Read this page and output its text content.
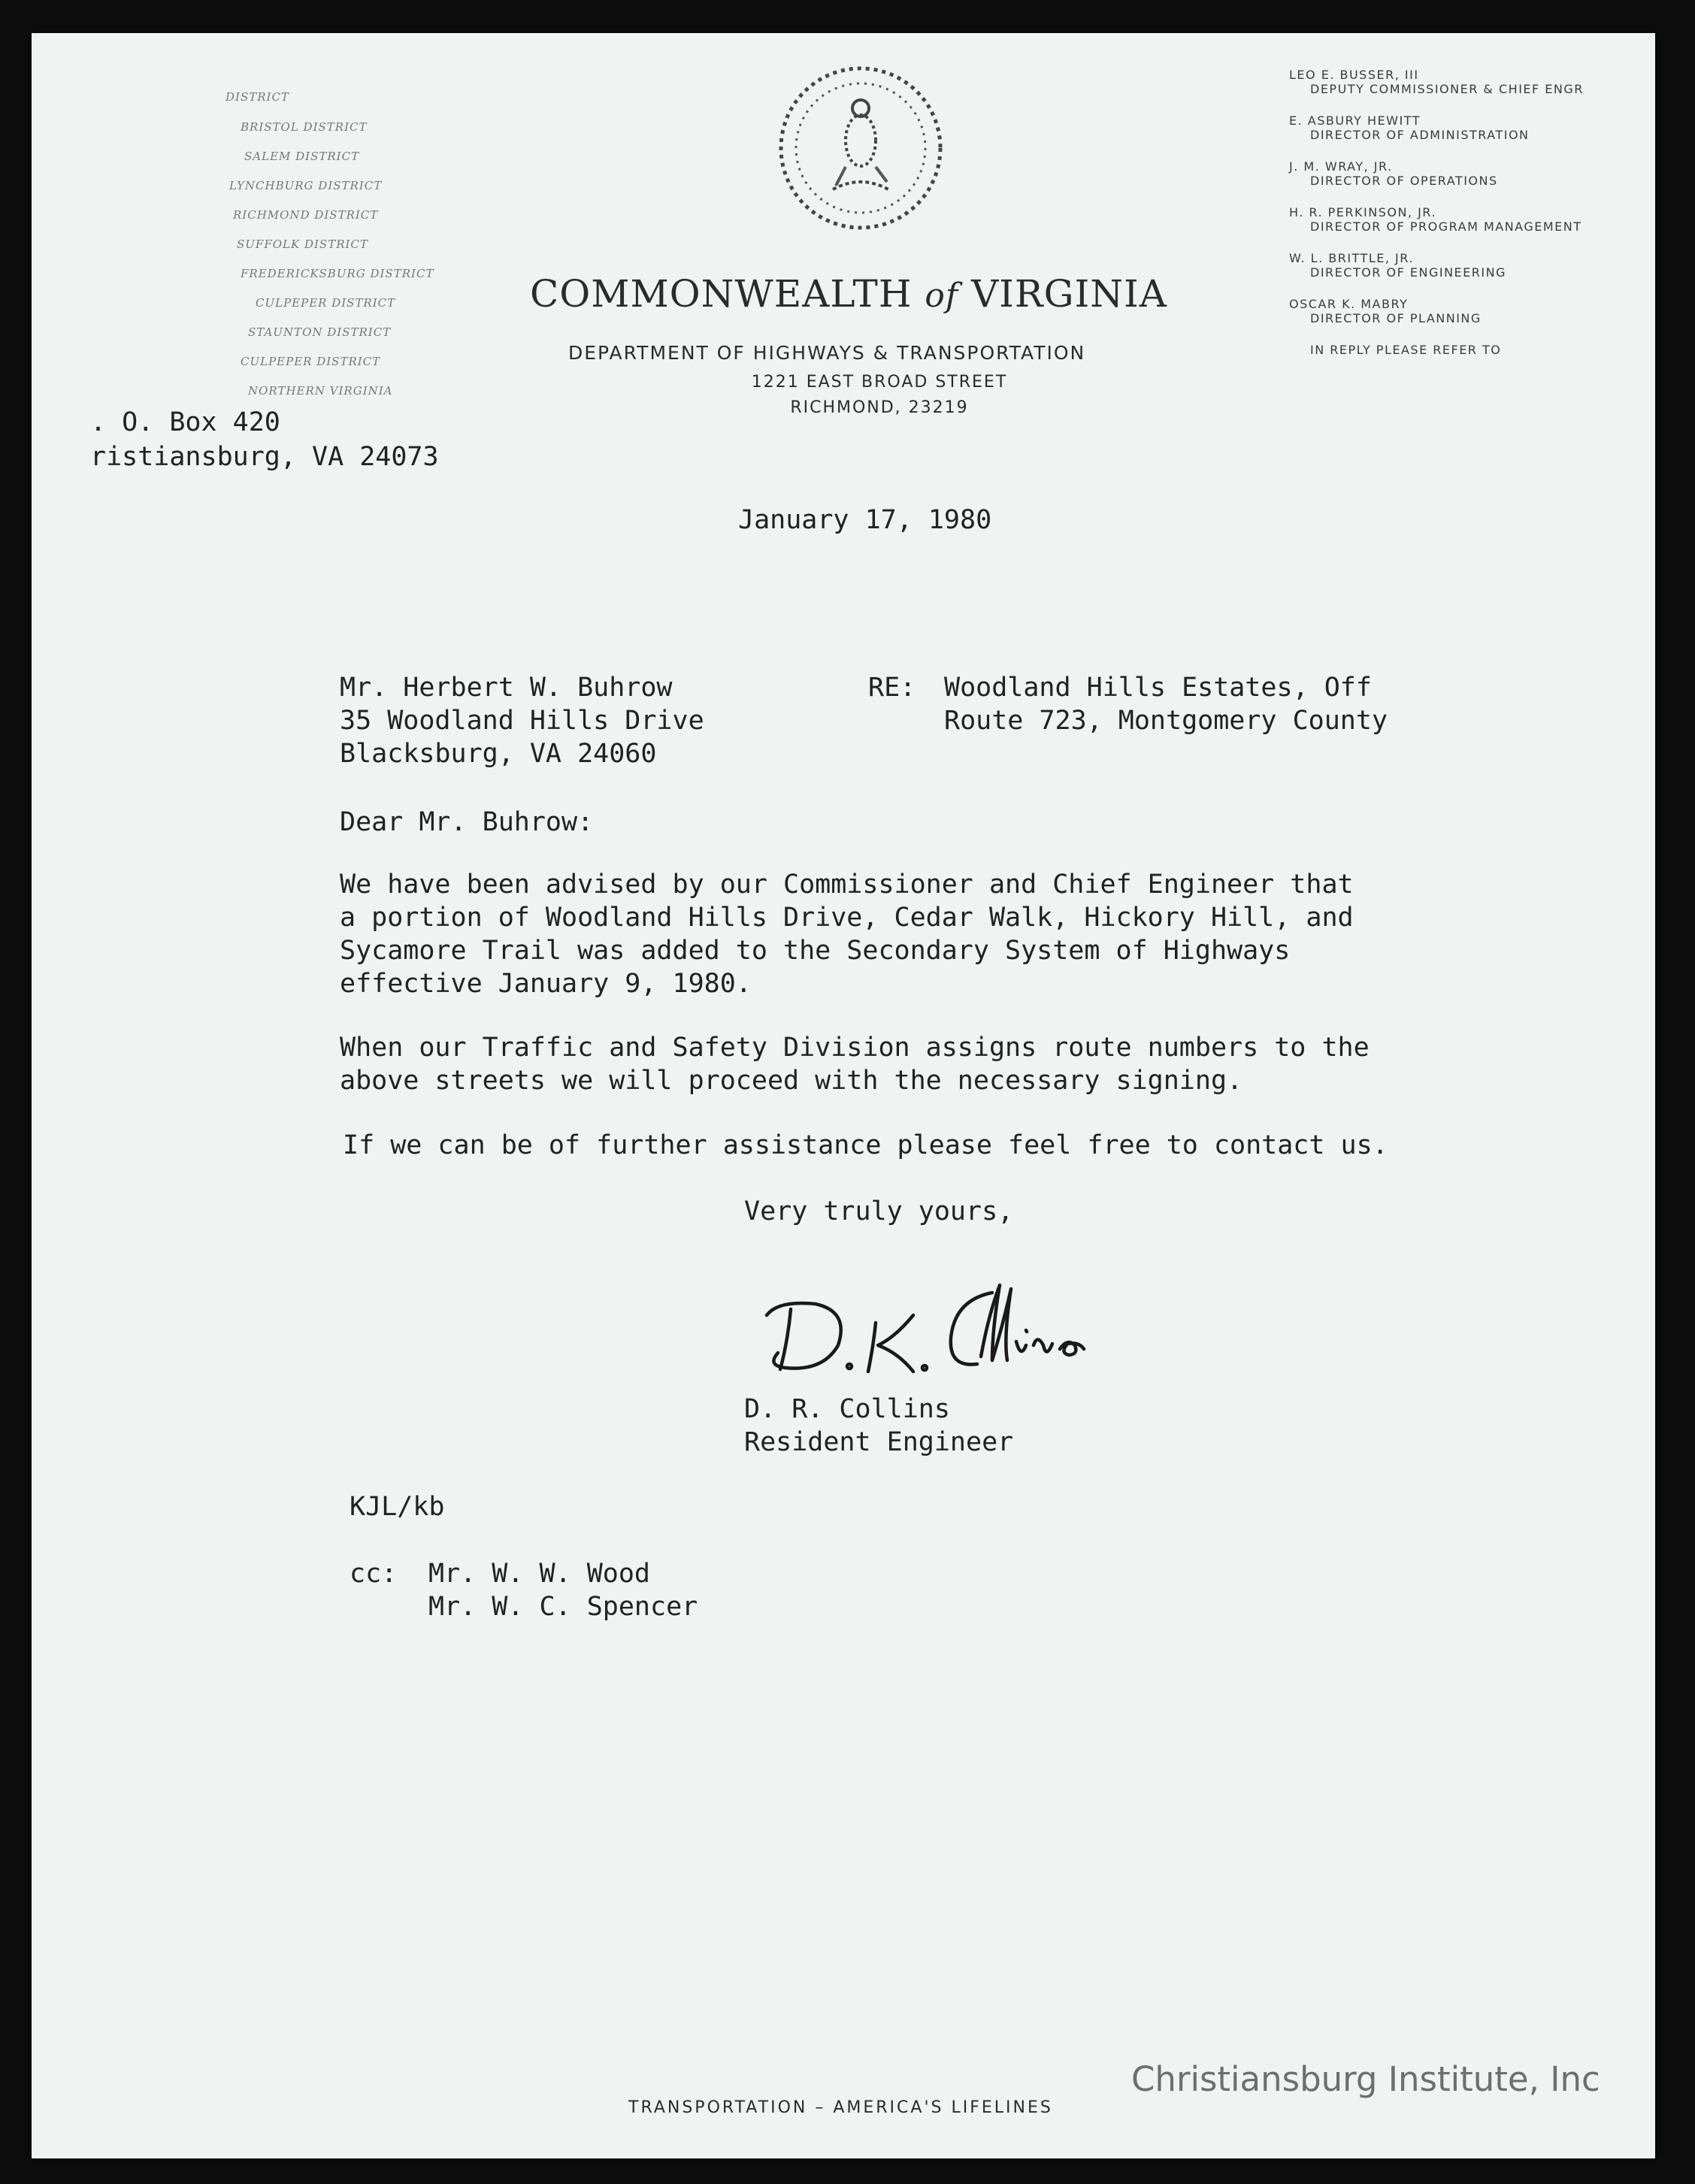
DISTRICT
BRISTOL DISTRICT
SALEM DISTRICT
LYNCHBURG DISTRICT
RICHMOND DISTRICT
SUFFOLK DISTRICT
FREDERICKSBURG DISTRICT
CULPEPER DISTRICT
STAUNTON DISTRICT
CULPEPER DISTRICT
NORTHERN VIRGINIA
COMMONWEALTH of VIRGINIA
DEPARTMENT OF HIGHWAYS & TRANSPORTATION
1221 EAST BROAD STREET
RICHMOND, 23219
LEO E. BUSSER, III
DEPUTY COMMISSIONER & CHIEF ENGR
E. ASBURY HEWITT
DIRECTOR OF ADMINISTRATION
J. M. WRAY, JR.
DIRECTOR OF OPERATIONS
H. R. PERKINSON, JR.
DIRECTOR OF PROGRAM MANAGEMENT
W. L. BRITTLE, JR.
DIRECTOR OF ENGINEERING
OSCAR K. MABRY
DIRECTOR OF PLANNING
IN REPLY PLEASE REFER TO
. O. Box 420
ristiansburg, VA 24073
January 17, 1980
Mr. Herbert W. Buhrow
35 Woodland Hills Drive
Blacksburg, VA 24060
RE: Woodland Hills Estates, Off
Route 723, Montgomery County
Dear Mr. Buhrow:
We have been advised by our Commissioner and Chief Engineer that
a portion of Woodland Hills Drive, Cedar Walk, Hickory Hill, and
Sycamore Trail was added to the Secondary System of Highways
effective January 9, 1980.
When our Traffic and Safety Division assigns route numbers to the
above streets we will proceed with the necessary signing.
If we can be of further assistance please feel free to contact us.
Very truly yours,
D. R. Collins
Resident Engineer
KJL/kb
cc: Mr. W. W. Wood
Mr. W. C. Spencer
TRANSPORTATION – AMERICA'S LIFELINES
Christiansburg Institute, Inc
